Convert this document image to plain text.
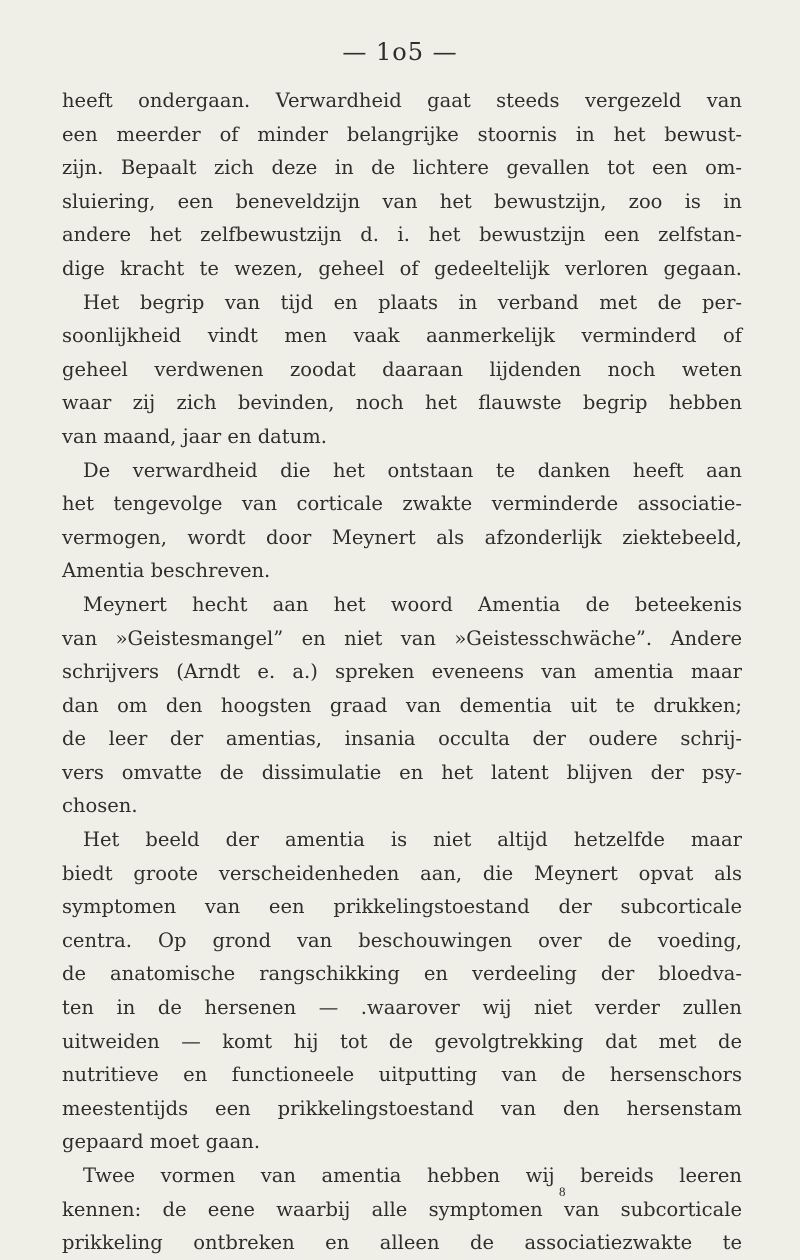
— 1o5 —
heeft ondergaan. Verwardheid gaat steeds vergezeld van
een meerder of minder belangrijke stoornis in het bewust-
zijn. Bepaalt zich deze in de lichtere gevallen tot een om-
sluiering, een beneveldzijn van het bewustzijn, zoo is in
andere het zelfbewustzijn d. i. het bewustzijn een zelfstan-
dige kracht te wezen, geheel of gedeeltelijk verloren gegaan.
Het begrip van tijd en plaats in verband met de per-
soonlijkheid vindt men vaak aanmerkelijk verminderd of
geheel verdwenen zoodat daaraan lijdenden noch weten
waar zij zich bevinden, noch het flauwste begrip hebben
van maand, jaar en datum.
De verwardheid die het ontstaan te danken heeft aan
het tengevolge van corticale zwakte verminderde associatie-
vermogen, wordt door Meynert als afzonderlijk ziektebeeld,
Amentia beschreven.
Meynert hecht aan het woord Amentia de beteekenis
van »Geistesmangel” en niet van »Geistesschwäche”. Andere
schrijvers (Arndt e. a.) spreken eveneens van amentia maar
dan om den hoogsten graad van dementia uit te drukken;
de leer der amentias, insania occulta der oudere schrij-
vers omvatte de dissimulatie en het latent blijven der psy-
chosen.
Het beeld der amentia is niet altijd hetzelfde maar
biedt groote verscheidenheden aan, die Meynert opvat als
symptomen van een prikkelingstoestand der subcorticale
centra. Op grond van beschouwingen over de voeding,
de anatomische rangschikking en verdeeling der bloedva-
ten in de hersenen — .waarover wij niet verder zullen
uitweiden — komt hij tot de gevolgtrekking dat met de
nutritieve en functioneele uitputting van de hersenschors
meestentijds een prikkelingstoestand van den hersenstam
gepaard moet gaan.
Twee vormen van amentia hebben wij bereids leeren
kennen: de eene waarbij alle symptomen van subcorticale
prikkeling ontbreken en alleen de associatiezwakte te
8
